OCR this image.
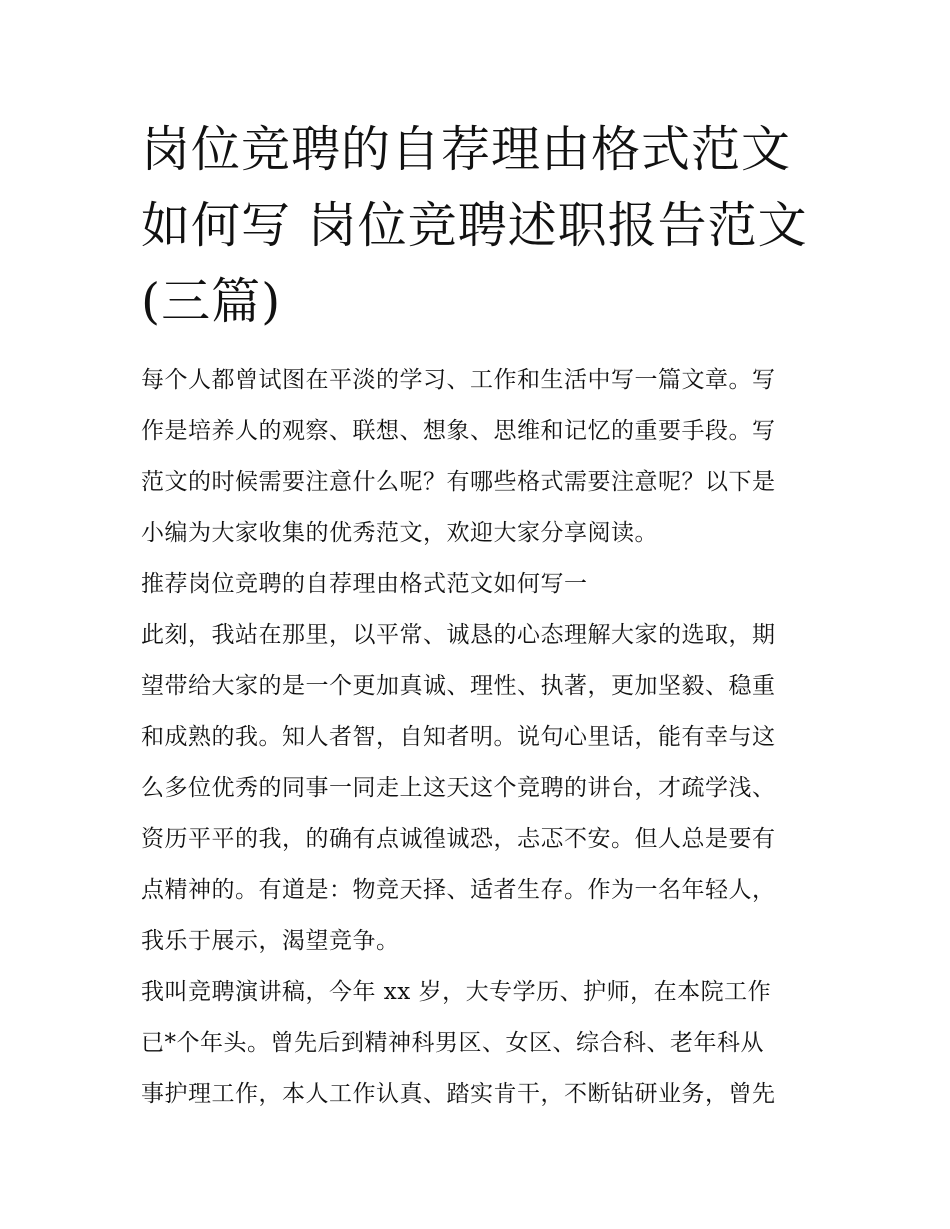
岗位竞聘的自荐理由格式范文
如何写 岗位竞聘述职报告范文
(三篇)

每个人都曾试图在平淡的学习、工作和生活中写一篇文章。写
作是培养人的观察、联想、想象、思维和记忆的重要手段。写
范文的时候需要注意什么呢？有哪些格式需要注意呢？以下是
小编为大家收集的优秀范文，欢迎大家分享阅读。

推荐岗位竞聘的自荐理由格式范文如何写一

此刻，我站在那里，以平常、诚恳的心态理解大家的选取，期
望带给大家的是一个更加真诚、理性、执著，更加坚毅、稳重
和成熟的我。知人者智，自知者明。说句心里话，能有幸与这
么多位优秀的同事一同走上这天这个竞聘的讲台，才疏学浅、
资历平平的我，的确有点诚徨诚恐，忐忑不安。但人总是要有
点精神的。有道是：物竞天择、适者生存。作为一名年轻人，
我乐于展示，渴望竞争。

我叫竞聘演讲稿，今年 xx 岁，大专学历、护师，在本院工作
已*个年头。曾先后到精神科男区、女区、综合科、老年科从
事护理工作，本人工作认真、踏实肯干，不断钻研业务，曾先
